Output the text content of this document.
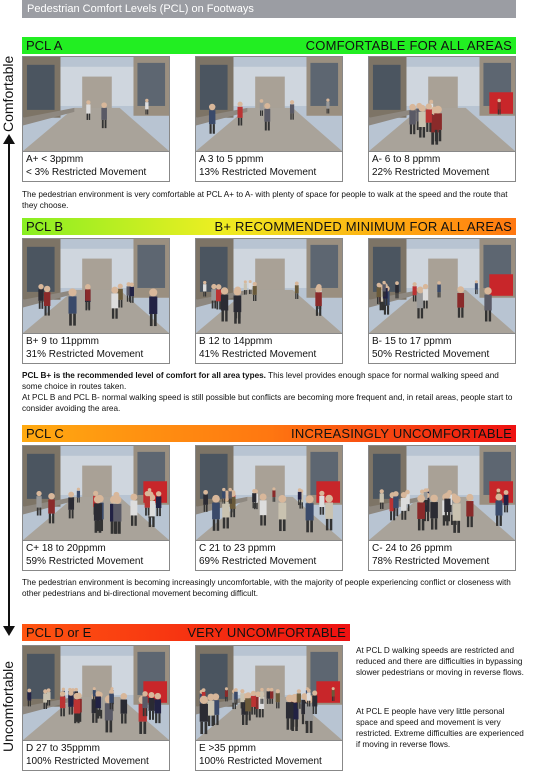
Pedestrian Comfort Levels (PCL) on Footways
Comfortable
Uncomfortable
PCL A	COMFORTABLE FOR ALL AREAS
PCL B	B+ RECOMMENDED MINIMUM FOR ALL AREAS
PCL C	INCREASINGLY UNCOMFORTABLE
PCL D or E	VERY UNCOMFORTABLE
A+ < 3ppmm
< 3% Restricted Movement
A 3 to 5 ppmm
13% Restricted Movement
A- 6 to 8 ppmm
22% Restricted Movement
B+ 9 to 11ppmm
31% Restricted Movement
B 12 to 14ppmm
41% Restricted Movement
B- 15 to 17 ppmm
50% Restricted Movement
C+ 18 to 20ppmm
59% Restricted Movement
C 21 to 23 ppmm
69% Restricted Movement
C- 24 to 26 ppmm
78% Restricted Movement
D 27 to 35ppmm
100% Restricted Movement
E >35 ppmm
100% Restricted Movement
The pedestrian environment is very comfortable at PCL A+ to A- with plenty of space for people to walk at the speed and the route that they choose.
PCL B+ is the recommended level of comfort for all area types. This level provides enough space for normal walking speed and some choice in routes taken.
At PCL B and PCL B- normal walking speed is still possible but conflicts are becoming more frequent and, in retail areas, people start to consider avoiding the area.
The pedestrian environment is becoming increasingly uncomfortable, with the majority of people experiencing conflict or closeness with other pedestrians and bi-directional movement becoming difficult.
At PCL D walking speeds are restricted and reduced and there are difficulties in bypassing slower pedestrians or moving in reverse flows.
At PCL E people have very little personal space and speed and movement is very restricted. Extreme difficulties are experienced if moving in reverse flows.
